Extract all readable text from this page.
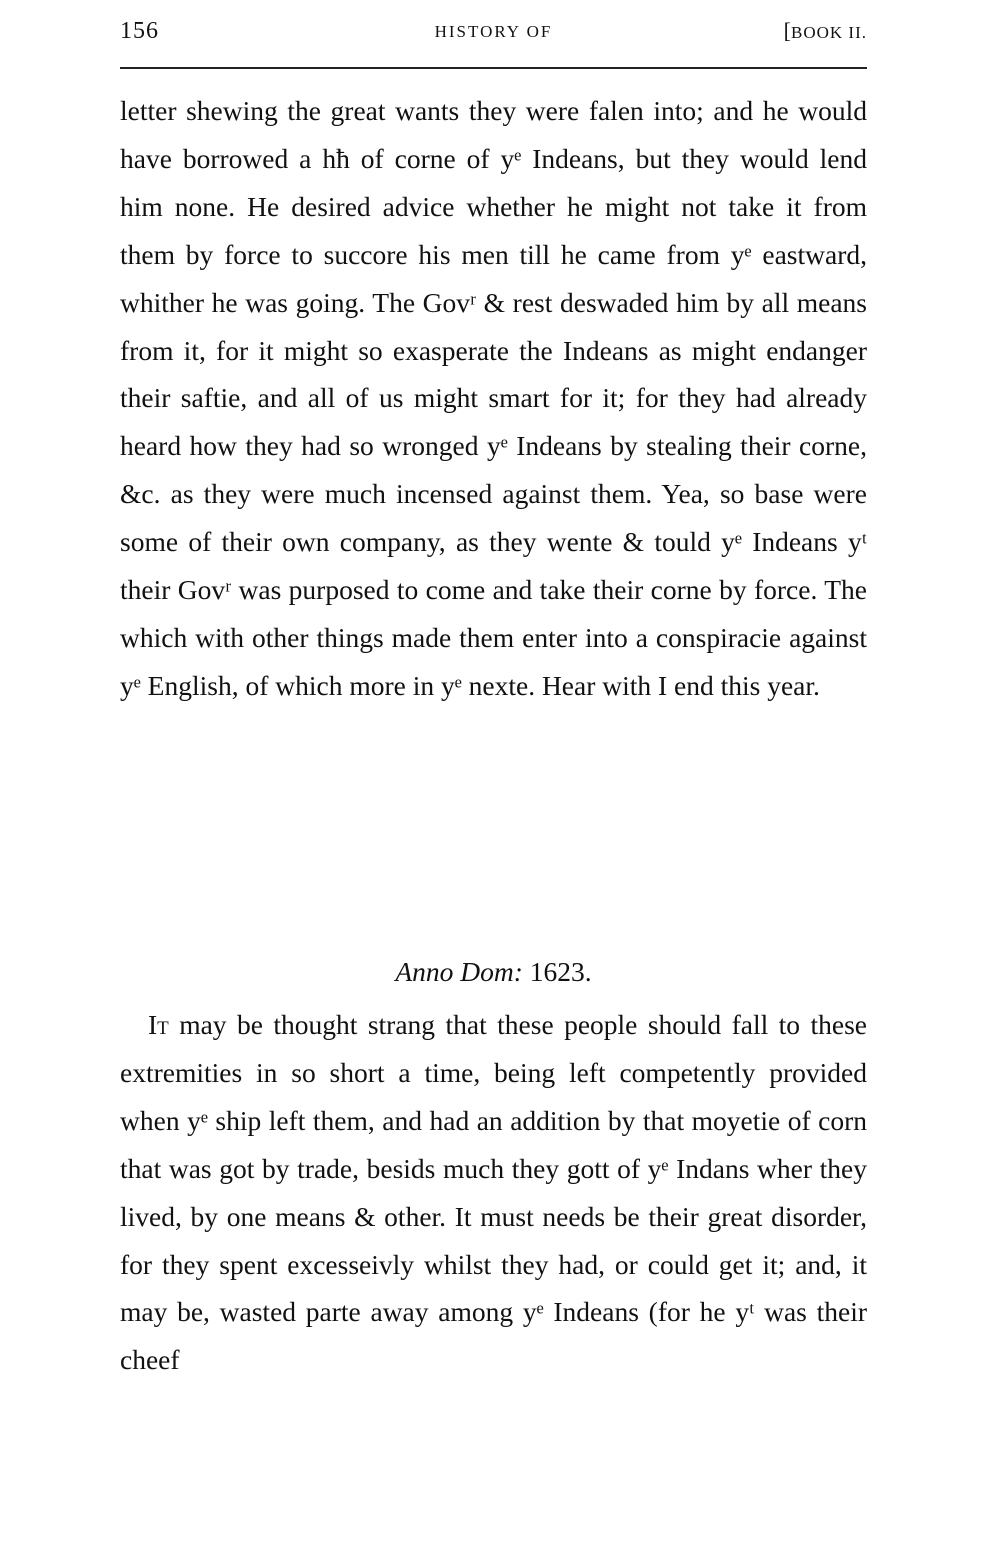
156	HISTORY OF	[BOOK II.

letter shewing the great wants they were falen into; and he would have borrowed a hħ of corne of yᵉ Indeans, but they would lend him none. He desired advice whether he might not take it from them by force to succore his men till he came from yᵉ eastward, whither he was going. The Govʳ & rest deswaded him by all means from it, for it might so exasperate the Indeans as might endanger their saftie, and all of us might smart for it; for they had already heard how they had so wronged yᵉ Indeans by stealing their corne, &c. as they were much incensed against them. Yea, so base were some of their own company, as they wente & tould yᵉ Indeans yᵗ their Govʳ was purposed to come and take their corne by force. The which with other things made them enter into a conspiracie against yᵉ English, of which more in yᵉ nexte. Hear with I end this year.

Anno Dom: 1623.

It may be thought strang that these people should fall to these extremities in so short a time, being left competently provided when yᵉ ship left them, and had an addition by that moyetie of corn that was got by trade, besids much they gott of yᵉ Indans wher they lived, by one means & other. It must needs be their great disorder, for they spent excesseivly whilst they had, or could get it; and, it may be, wasted parte away among yᵉ Indeans (for he yᵗ was their cheef
